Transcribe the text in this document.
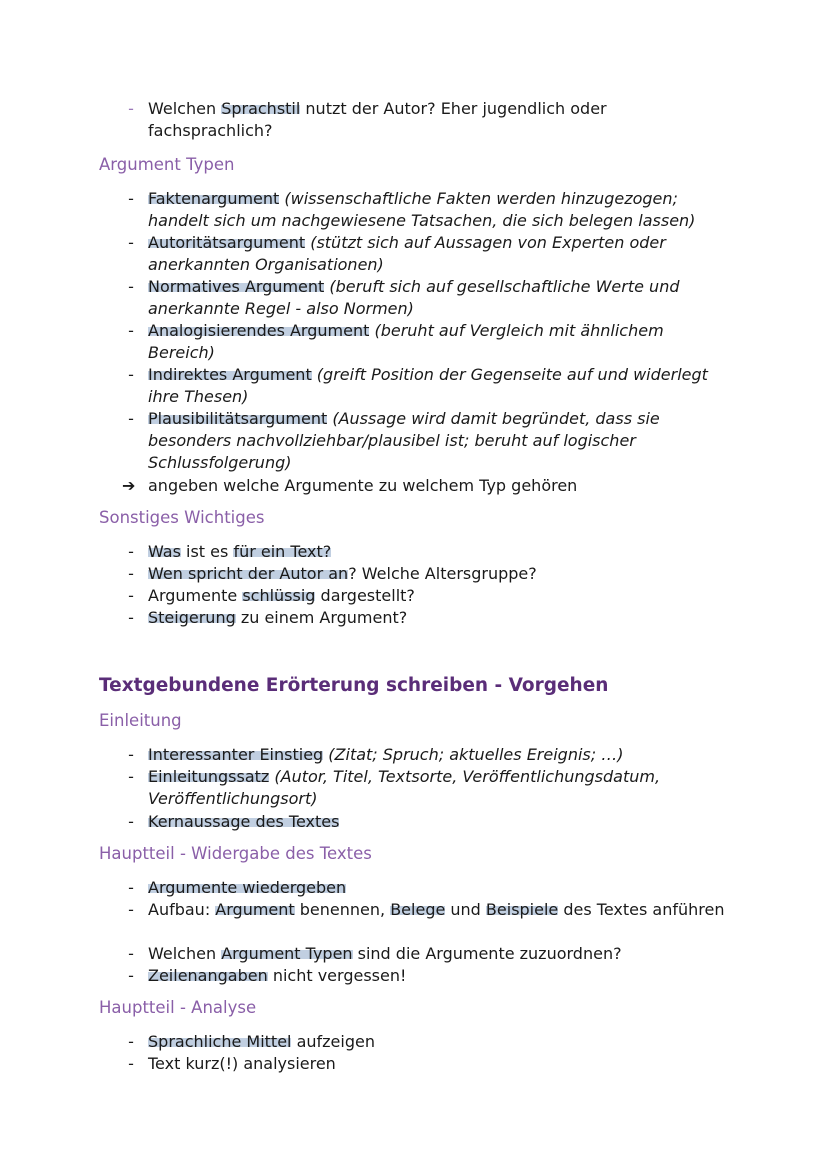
- Welchen Sprachstil nutzt der Autor? Eher jugendlich oder fachsprachlich?
Argument Typen
- Faktenargument (wissenschaftliche Fakten werden hinzugezogen; handelt sich um nachgewiesene Tatsachen, die sich belegen lassen)
- Autoritätsargument (stützt sich auf Aussagen von Experten oder anerkannten Organisationen)
- Normatives Argument (beruft sich auf gesellschaftliche Werte und anerkannte Regel - also Normen)
- Analogisierendes Argument (beruht auf Vergleich mit ähnlichem Bereich)
- Indirektes Argument (greift Position der Gegenseite auf und widerlegt ihre Thesen)
- Plausibilitätsargument (Aussage wird damit begründet, dass sie besonders nachvollziehbar/plausibel ist; beruht auf logischer Schlussfolgerung)
➔ angeben welche Argumente zu welchem Typ gehören
Sonstiges Wichtiges
- Was ist es für ein Text?
- Wen spricht der Autor an? Welche Altersgruppe?
- Argumente schlüssig dargestellt?
- Steigerung zu einem Argument?
Textgebundene Erörterung schreiben - Vorgehen
Einleitung
- Interessanter Einstieg (Zitat; Spruch; aktuelles Ereignis; …)
- Einleitungssatz (Autor, Titel, Textsorte, Veröffentlichungsdatum, Veröffentlichungsort)
- Kernaussage des Textes
Hauptteil - Widergabe des Textes
- Argumente wiedergeben
- Aufbau: Argument benennen, Belege und Beispiele des Textes anführen
- Welchen Argument Typen sind die Argumente zuzuordnen?
- Zeilenangaben nicht vergessen!
Hauptteil - Analyse
- Sprachliche Mittel aufzeigen
- Text kurz(!) analysieren
